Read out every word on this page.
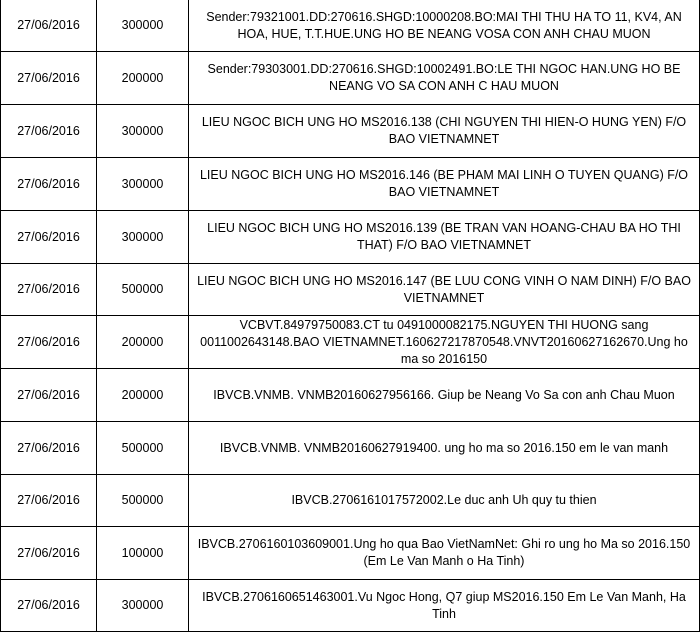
27/06/2016	300000	Sender:79321001.DD:270616.SHGD:10000208.BO:MAI THI THU HA TO 11, KV4, AN HOA, HUE, T.T.HUE.UNG HO BE NEANG VOSA CON ANH CHAU MUON
27/06/2016	200000	Sender:79303001.DD:270616.SHGD:10002491.BO:LE THI NGOC HAN.UNG HO BE NEANG VO SA CON ANH C HAU MUON
27/06/2016	300000	LIEU NGOC BICH UNG HO MS2016.138 (CHI NGUYEN THI HIEN-O HUNG YEN) F/O BAO VIETNAMNET
27/06/2016	300000	LIEU NGOC BICH UNG HO MS2016.146 (BE PHAM MAI LINH O TUYEN QUANG) F/O BAO VIETNAMNET
27/06/2016	300000	LIEU NGOC BICH UNG HO MS2016.139 (BE TRAN VAN HOANG-CHAU BA HO THI THAT) F/O BAO VIETNAMNET
27/06/2016	500000	LIEU NGOC BICH UNG HO MS2016.147 (BE LUU CONG VINH O NAM DINH) F/O BAO VIETNAMNET
27/06/2016	200000	VCBVT.84979750083.CT tu 0491000082175.NGUYEN THI HUONG sang 0011002643148.BAO VIETNAMNET.160627217870548.VNVT20160627162670.Ung ho ma so 2016150
27/06/2016	200000	IBVCB.VNMB. VNMB20160627956166. Giup be Neang Vo Sa con anh Chau Muon
27/06/2016	500000	IBVCB.VNMB. VNMB20160627919400. ung ho ma so 2016.150 em le van manh
27/06/2016	500000	IBVCB.2706161017572002.Le duc anh Uh quy tu thien
27/06/2016	100000	IBVCB.2706160103609001.Ung ho qua Bao VietNamNet: Ghi ro ung ho Ma so 2016.150 (Em Le Van Manh o Ha Tinh)
27/06/2016	300000	IBVCB.2706160651463001.Vu Ngoc Hong, Q7 giup MS2016.150 Em Le Van Manh, Ha Tinh
